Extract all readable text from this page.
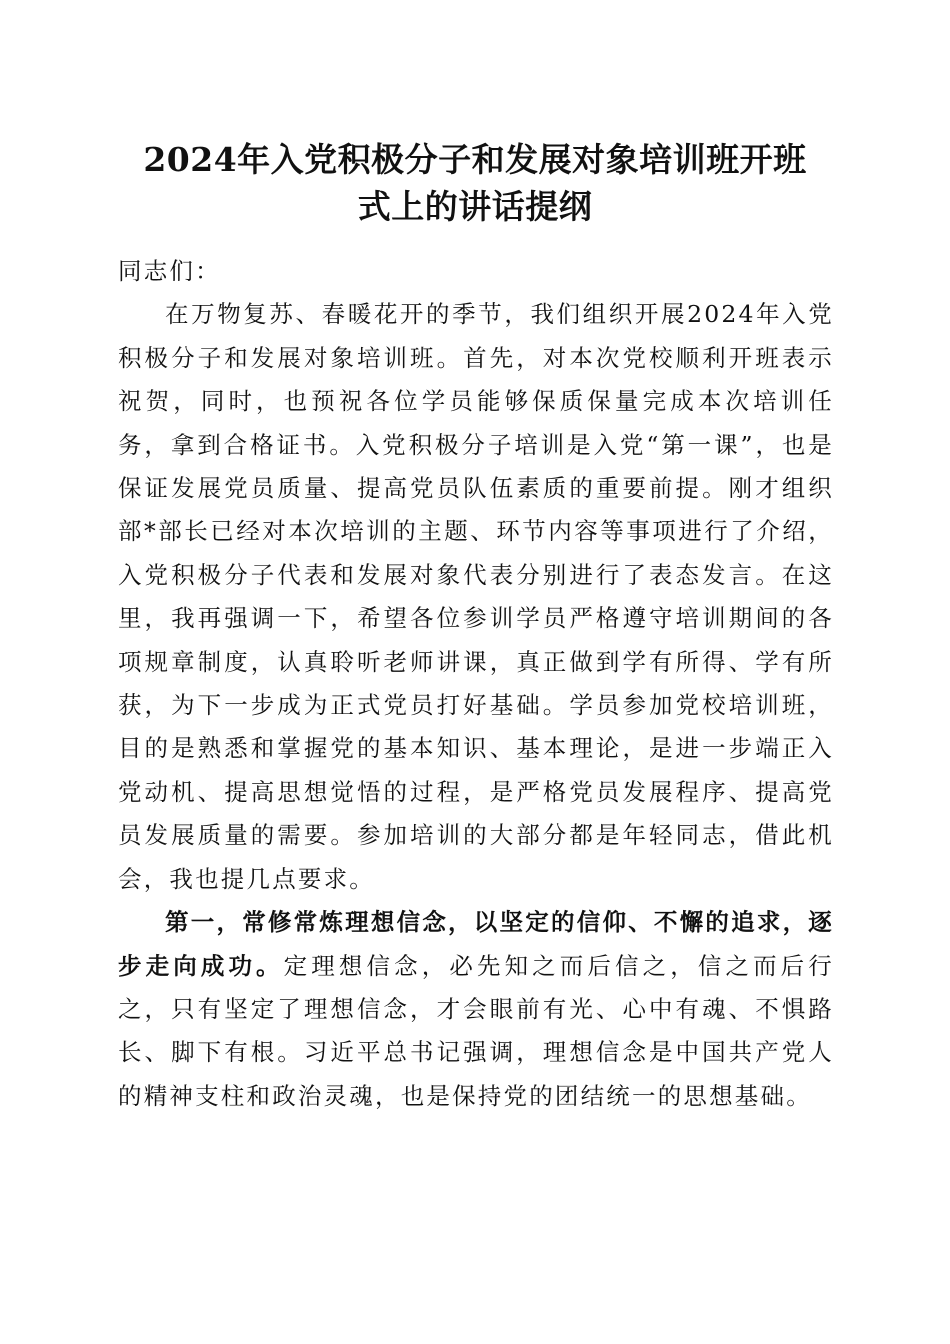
2024年入党积极分子和发展对象培训班开班
式上的讲话提纲

同志们：

在万物复苏、春暖花开的季节，我们组织开展2024年入党积极分子和发展对象培训班。首先，对本次党校顺利开班表示祝贺，同时，也预祝各位学员能够保质保量完成本次培训任务，拿到合格证书。入党积极分子培训是入党“第一课”，也是保证发展党员质量、提高党员队伍素质的重要前提。刚才组织部*部长已经对本次培训的主题、环节内容等事项进行了介绍，入党积极分子代表和发展对象代表分别进行了表态发言。在这里，我再强调一下，希望各位参训学员严格遵守培训期间的各项规章制度，认真聆听老师讲课，真正做到学有所得、学有所获，为下一步成为正式党员打好基础。学员参加党校培训班，目的是熟悉和掌握党的基本知识、基本理论，是进一步端正入党动机、提高思想觉悟的过程，是严格党员发展程序、提高党员发展质量的需要。参加培训的大部分都是年轻同志，借此机会，我也提几点要求。

第一，常修常炼理想信念，以坚定的信仰、不懈的追求，逐步走向成功。定理想信念，必先知之而后信之，信之而后行之，只有坚定了理想信念，才会眼前有光、心中有魂、不惧路长、脚下有根。习近平总书记强调，理想信念是中国共产党人的精神支柱和政治灵魂，也是保持党的团结统一的思想基础。
